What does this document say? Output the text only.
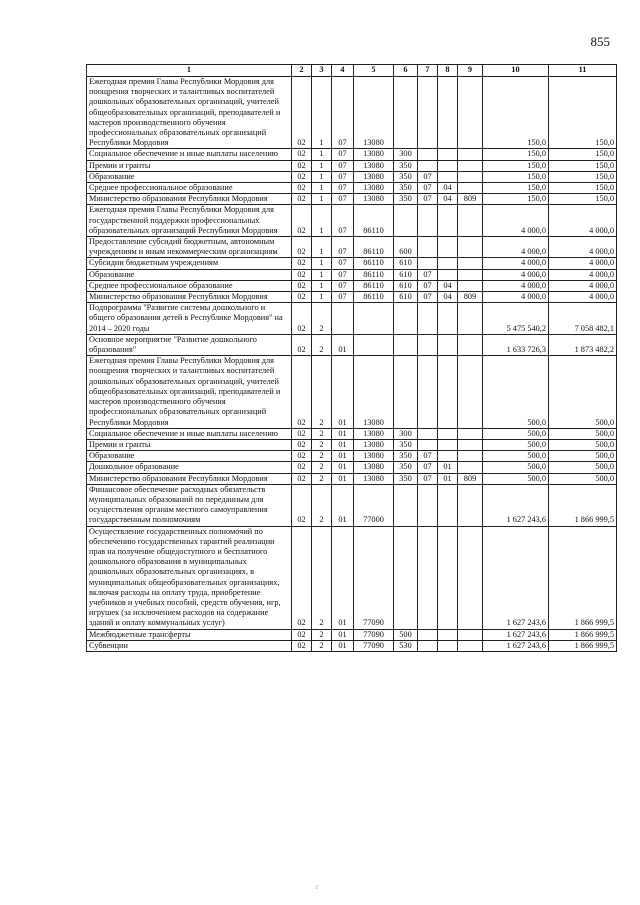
855
1	2	3	4	5	6	7	8	9	10	11
Ежегодная премия Главы Республики Мордовия для поощрения творческих и талантливых воспитателей дошкольных образовательных организаций, учителей общеобразовательных организаций, преподавателей и мастеров производственного обучения профессиональных образовательных организаций Республики Мордовия	02	1	07	13080					150,0	150,0
Социальное обеспечение и иные выплаты населению	02	1	07	13080	300				150,0	150,0
Премии и гранты	02	1	07	13080	350				150,0	150,0
Образование	02	1	07	13080	350	07			150,0	150,0
Среднее профессиональное образование	02	1	07	13080	350	07	04		150,0	150,0
Министерство образования Республики Мордовия	02	1	07	13080	350	07	04	809	150,0	150,0
Ежегодная премия Главы Республики Мордовия для государственной поддержки профессиональных образовательных организаций Республики Мордовия	02	1	07	86110					4 000,0	4 000,0
Предоставление субсидий бюджетным, автономным учреждениям и иным некоммерческим организациям	02	1	07	86110	600				4 000,0	4 000,0
Субсидии бюджетным учреждениям	02	1	07	86110	610				4 000,0	4 000,0
Образование	02	1	07	86110	610	07			4 000,0	4 000,0
Среднее профессиональное образование	02	1	07	86110	610	07	04		4 000,0	4 000,0
Министерство образования Республики Мордовия	02	1	07	86110	610	07	04	809	4 000,0	4 000,0
Подпрограмма "Развитие системы дошкольного и общего образования детей в Республике Мордовия" на 2014 – 2020 годы	02	2							5 475 540,2	7 058 482,1
Основное мероприятие "Развитие дошкольного образования"	02	2	01						1 633 726,3	1 873 482,2
Ежегодная премия Главы Республики Мордовия для поощрения творческих и талантливых воспитателей дошкольных образовательных организаций, учителей общеобразовательных организаций, преподавателей и мастеров производственного обучения профессиональных образовательных организаций Республики Мордовия	02	2	01	13080					500,0	500,0
Социальное обеспечение и иные выплаты населению	02	2	01	13080	300				500,0	500,0
Премии и гранты	02	2	01	13080	350				500,0	500,0
Образование	02	2	01	13080	350	07			500,0	500,0
Дошкольное образование	02	2	01	13080	350	07	01		500,0	500,0
Министерство образования Республики Мордовия	02	2	01	13080	350	07	01	809	500,0	500,0
Финансовое обеспечение расходных обязательств муниципальных образований по переданным для осуществления органам местного самоуправления государственным полномочиям	02	2	01	77000					1 627 243,6	1 866 999,5
Осуществление государственных полномочий по обеспечению государственных гарантий реализации прав на получение общедоступного и бесплатного дошкольного образования в муниципальных дошкольных образовательных организациях, в муниципальных общеобразовательных организациях, включая расходы на оплату труда, приобретение учебников и учебных пособий, средств обучения, игр, игрушек (за исключением расходов на содержание зданий и оплату коммунальных услуг)	02	2	01	77090					1 627 243,6	1 866 999,5
Межбюджетные трансферты	02	2	01	77090	500				1 627 243,6	1 866 999,5
Субвенции	02	2	01	77090	530				1 627 243,6	1 866 999,5
г
